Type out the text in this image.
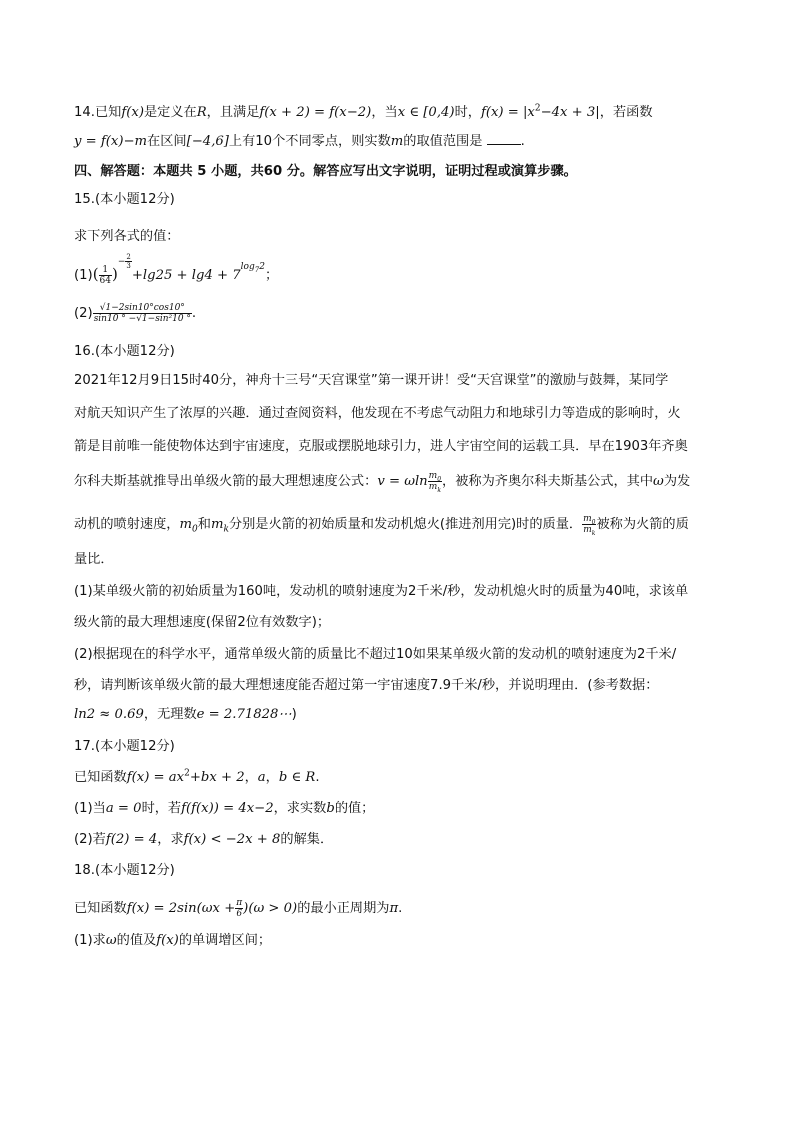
14.已知f(x)是定义在R，且满足f(x + 2) = f(x−2)，当x ∈ [0,4)时，$f(x) = |x^2-4x + 3|$，若函数
y = f(x)−m在区间[−4,6]上有10个不同零点，则实数m的取值范围是	.
四、解答题：本题共 5 小题，共60 分。解答应写出文字说明，证明过程或演算步骤。
15.(本小题12分)
求下列各式的值：
$(1)( \frac{1}{64} )^{- \frac{2}{3}}$
$+\lg 25 + \lg 4 + 7^{log_72}$；
$(2) \frac{√1-2\sin 10^\circ\cos 10^\circ}{\text{sin10 ° −√1−sin²10 °}}$ .
16.(本小题12分)
2021年12月9日15时40分，神舟十三号“天宫课堂”第一课开讲！受“天宫课堂”的激励与鼓舞，某同学
对航天知识产生了浓厚的兴趣．通过查阅资料，他发现在不考虑气动阻力和地球引力等造成的影响时，火
箭是目前唯一能使物体达到宇宙速度，克服或摆脱地球引力，进人宇宙空间的运载工具．早在1903年齐奥
尔科夫斯基就推导出单级火箭的最大理想速度公式：v = ωln $\frac{m_0}{m_k}$ ，被称为齐奥尔科夫斯基公式，其中ω为发
动机的喷射速度，$m_0$和$m_k$分别是火箭的初始质量和发动机熄火(推进剂用完)时的质量． $\frac{m_0}{m_k}$ 被称为火箭的质
量比．
(1)某单级火箭的初始质量为160吨，发动机的喷射速度为2千米/秒，发动机熄火时的质量为40吨，求该单
级火箭的最大理想速度(保留2位有效数字)；
(2)根据现在的科学水平，通常单级火箭的质量比不超过10如果某单级火箭的发动机的喷射速度为2千米/
秒，请判断该单级火箭的最大理想速度能否超过第一宇宙速度7.9千米/秒，并说明理由．(参考数据：
ln2 ≈ 0.69，无理数e = 2.71828⋯)
17.(本小题12分)
已知函数$f(x) = ax^2+bx + 2$，a，b ∈ R.
(1)当a = 0时，若f(f(x)) = 4x−2，求实数b的值；
(2)若f(2) = 4，求f(x) < −2x + 8的解集．
18.(本小题12分)
已知函数$f(x) = 2\sin(\omega x + \frac{\pi}{6} )(\omega > 0)$的最小正周期为π.
(1)求ω的值及f(x)的单调增区间；
